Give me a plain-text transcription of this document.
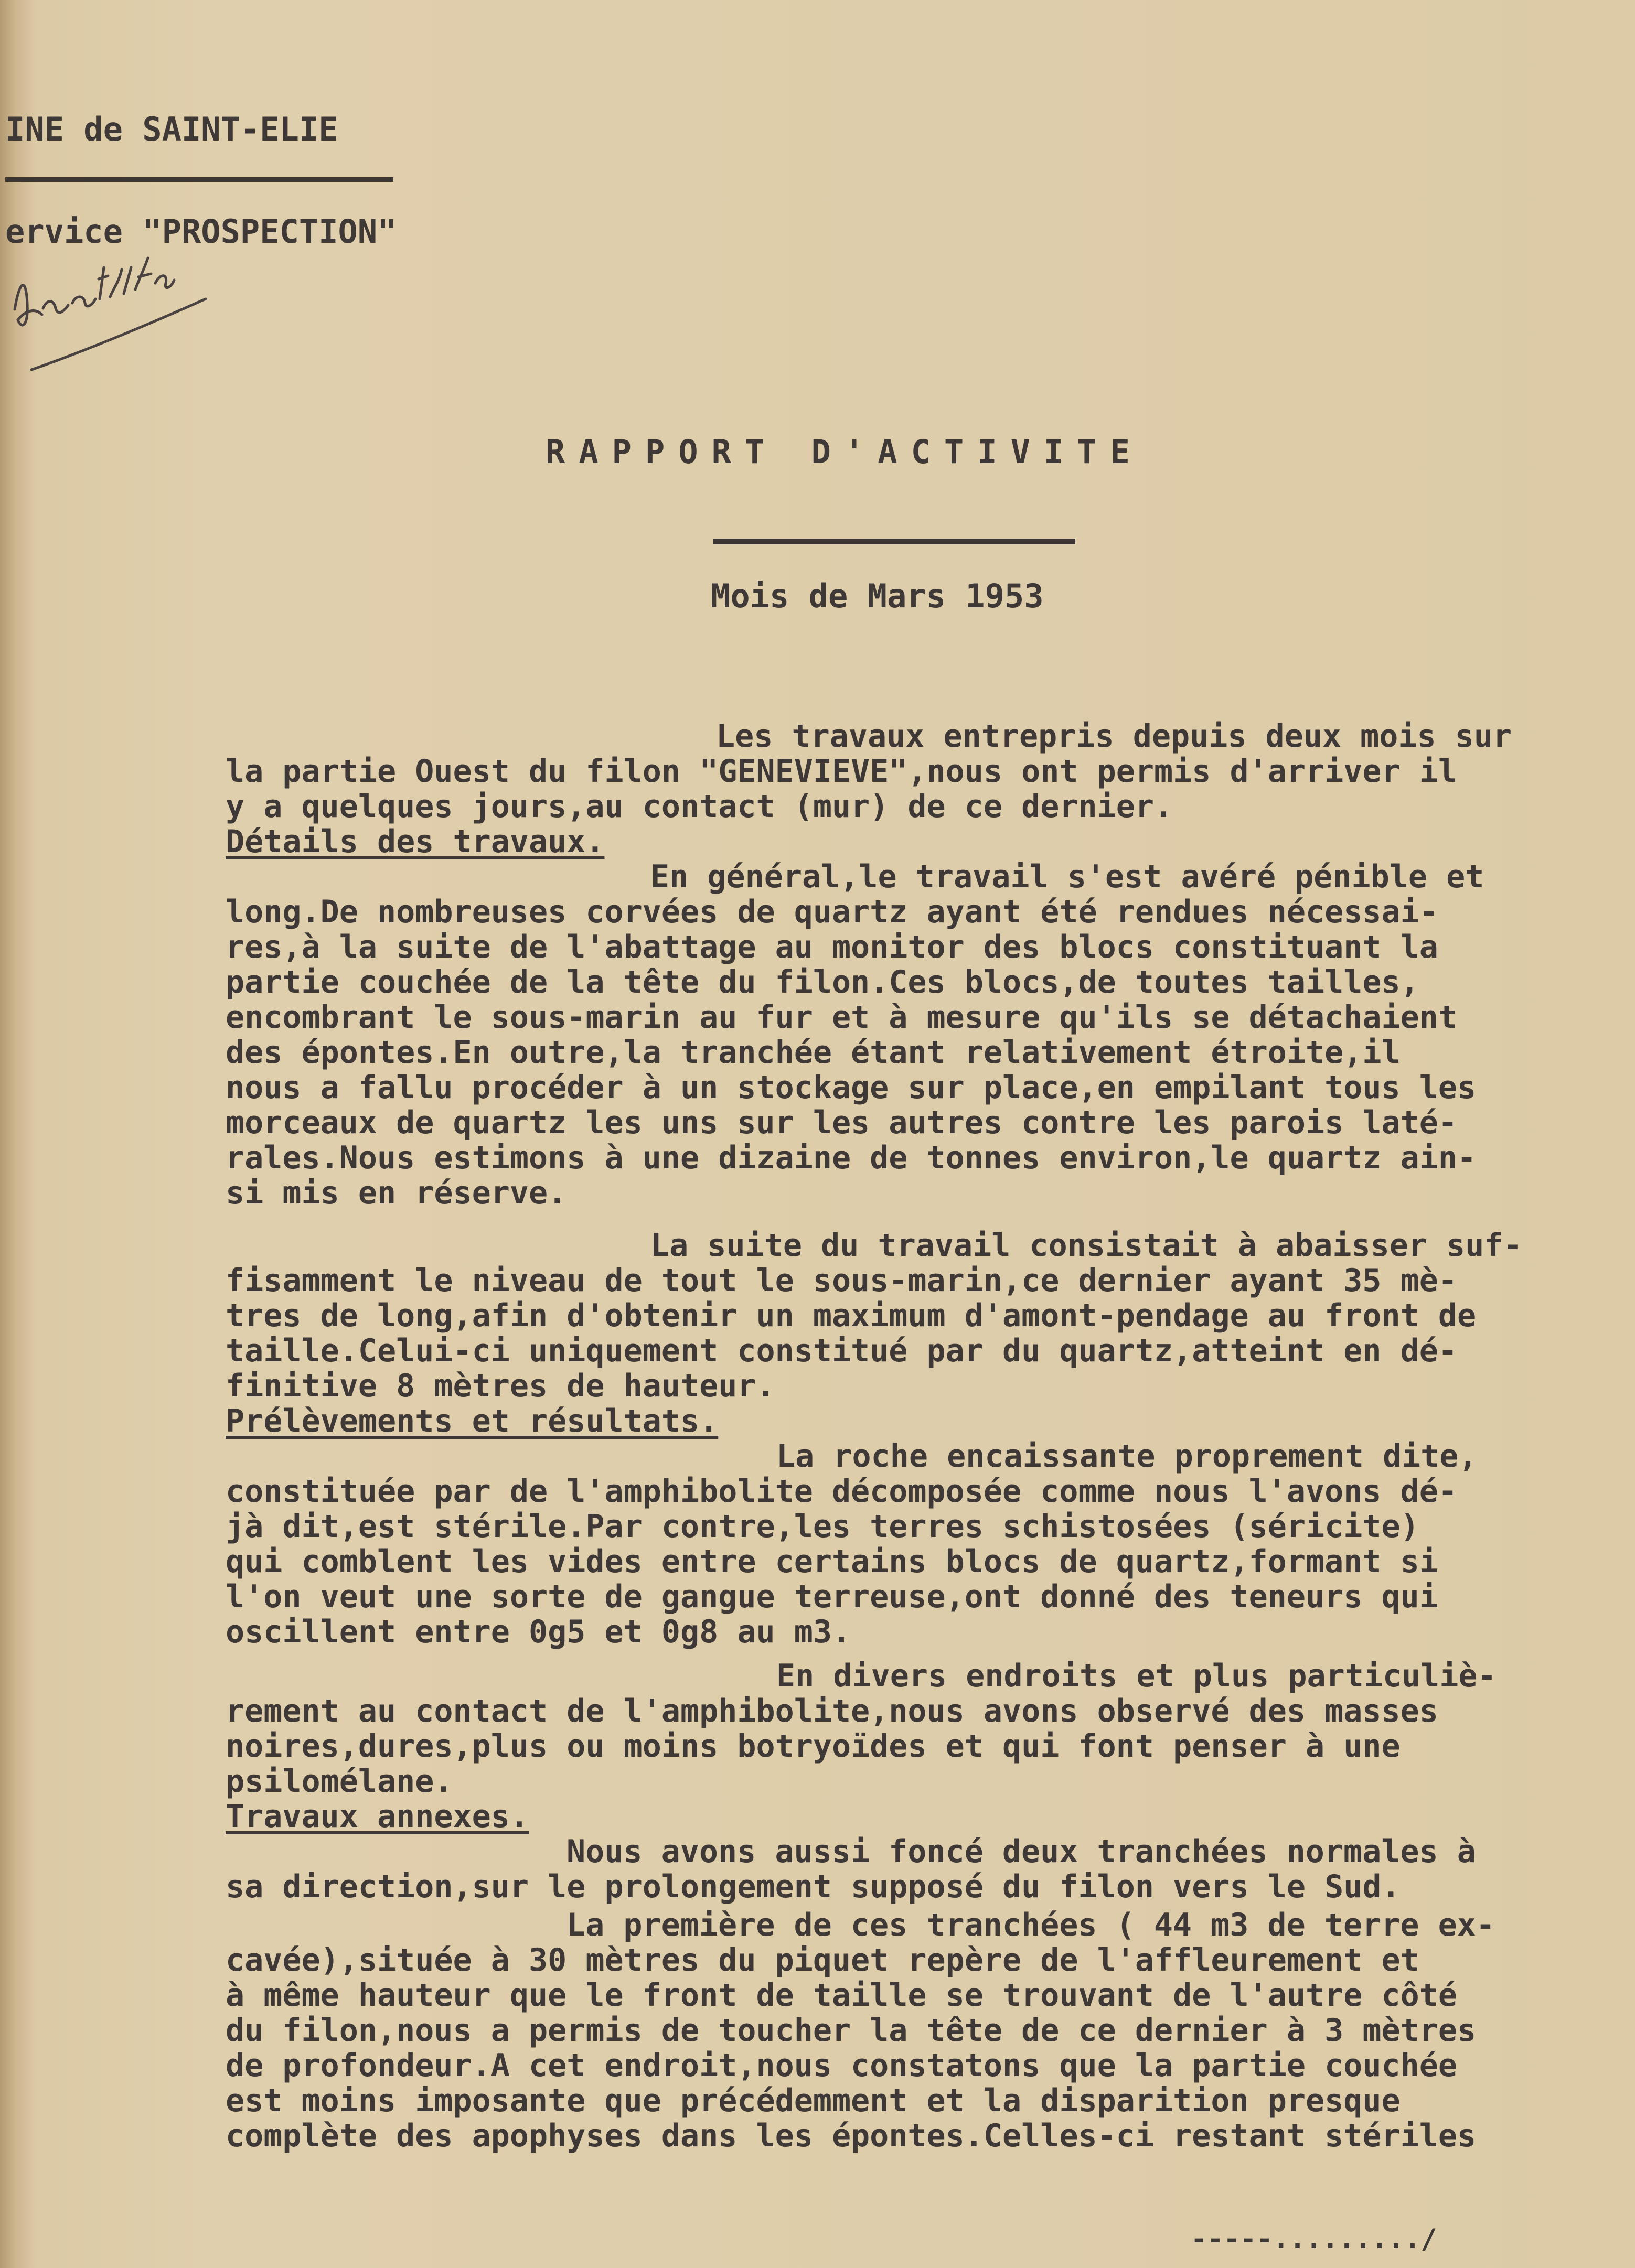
INE de SAINT-ELIE
ervice "PROSPECTION"
RAPPORT D'ACTIVITE
Mois de Mars 1953
Les travaux entrepris depuis deux mois sur
la partie Ouest du filon "GENEVIEVE",nous ont permis d'arriver il
y a quelques jours,au contact (mur) de ce dernier.
Détails des travaux.
En général,le travail s'est avéré pénible et
long.De nombreuses corvées de quartz ayant été rendues nécessai-
res,à la suite de l'abattage au monitor des blocs constituant la
partie couchée de la tête du filon.Ces blocs,de toutes tailles,
encombrant le sous-marin au fur et à mesure qu'ils se détachaient
des épontes.En outre,la tranchée étant relativement étroite,il
nous a fallu procéder à un stockage sur place,en empilant tous les
morceaux de quartz les uns sur les autres contre les parois laté-
rales.Nous estimons à une dizaine de tonnes environ,le quartz ain-
si mis en réserve.
La suite du travail consistait à abaisser suf-
fisamment le niveau de tout le sous-marin,ce dernier ayant 35 mè-
tres de long,afin d'obtenir un maximum d'amont-pendage au front de
taille.Celui-ci uniquement constitué par du quartz,atteint en dé-
finitive 8 mètres de hauteur.
Prélèvements et résultats.
La roche encaissante proprement dite,
constituée par de l'amphibolite décomposée comme nous l'avons dé-
jà dit,est stérile.Par contre,les terres schistosées (séricite)
qui comblent les vides entre certains blocs de quartz,formant si
l'on veut une sorte de gangue terreuse,ont donné des teneurs qui
oscillent entre 0g5 et 0g8 au m3.
En divers endroits et plus particuliè-
rement au contact de l'amphibolite,nous avons observé des masses
noires,dures,plus ou moins botryoïdes et qui font penser à une
psilomélane.
Travaux annexes.
Nous avons aussi foncé deux tranchées normales à
sa direction,sur le prolongement supposé du filon vers le Sud.
La première de ces tranchées ( 44 m3 de terre ex-
cavée),située à 30 mètres du piquet repère de l'affleurement et
à même hauteur que le front de taille se trouvant de l'autre côté
du filon,nous a permis de toucher la tête de ce dernier à 3 mètres
de profondeur.A cet endroit,nous constatons que la partie couchée
est moins imposante que précédemment et la disparition presque
complète des apophyses dans les épontes.Celles-ci restant stériles
-----........./
